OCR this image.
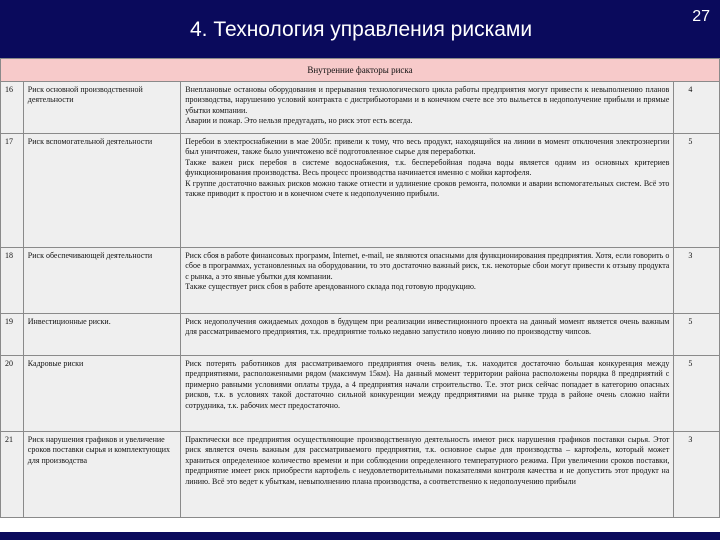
4. Технология управления рисками
27
Внутренние факторы риска			
16	Риск основной производственной деятельности	Внеплановые остановы оборудования и прерывания технологического цикла работы предприятия могут привести к невыполнению планов производства, нарушению условий контракта с дистрибьюторами и в конечном счете все это выльется в недополучение прибыли и прямые убытки компании.
Аварии и пожар. Это нельзя предугадать, но риск этот есть всегда.	4
17	Риск вспомогательной деятельности	Перебои в электроснабжении в мае 2005г. привели к тому, что весь продукт, находящийся на линии в момент отключения электроэнергии был уничтожен, также было уничтожено всё подготовленное сырье для переработки.
Также важен риск перебоя в системе водоснабжения, т.к. бесперебойная подача воды является одним из основных критериев функционирования производства. Весь процесс производства начинается именно с мойки картофеля.
К группе достаточно важных рисков можно также отнести и удлинение сроков ремонта, поломки и аварии вспомогательных систем. Всё это также приводит к простою и в конечном счете к недополучению прибыли.	5
18	Риск обеспечивающей деятельности	Риск сбоя в работе финансовых программ, Internet, e-mail, не являются опасными для функционирования предприятия. Хотя, если говорить о сбое в программах, установленных на оборудовании, то это достаточно важный риск, т.к. некоторые сбои могут привести к отзыву продукта с рынка, а это явные убытки для компании.
Также существует риск сбоя в работе арендованного склада под готовую продукцию.	3
19	Инвестиционные риски.	Риск недополучения ожидаемых доходов в будущем при реализации инвестиционного проекта на данный момент является очень важным для рассматриваемого предприятия, т.к. предприятие только недавно запустило новую линию по производству чипсов.	5
20	Кадровые риски	Риск потерять работников для рассматриваемого предприятия очень велик, т.к. находится достаточно большая конкуренция между предприятиями, расположенными рядом (максимум 15км). На данный момент территории района расположены порядка 8 предприятий с примерно равными условиями оплаты труда, а 4 предприятия начали строительство. Т.е. этот риск сейчас попадает в категорию опасных рисков, т.к. в условиях такой достаточно сильной конкуренции между предприятиями на рынке труда в районе очень сложно найти сотрудника, т.к. рабочих мест предостаточно.	5
21	Риск нарушения графиков и увеличение сроков поставки сырья и комплектующих для производства	Практически все предприятия осуществляющие производственную деятельность имеют риск нарушения графиков поставки сырья. Этот риск является очень важным для рассматриваемого предприятия, т.к. основное сырье для производства – картофель, который может храниться определенное количество времени и при соблюдении определенного температурного режима. При увеличении сроков поставки, предприятие имеет риск приобрести картофель с неудовлетворительными показателями контроля качества и не допустить этот продукт на линию. Всё это ведет к убыткам, невыполнению плана производства, а соответственно к недополучению прибыли	3
